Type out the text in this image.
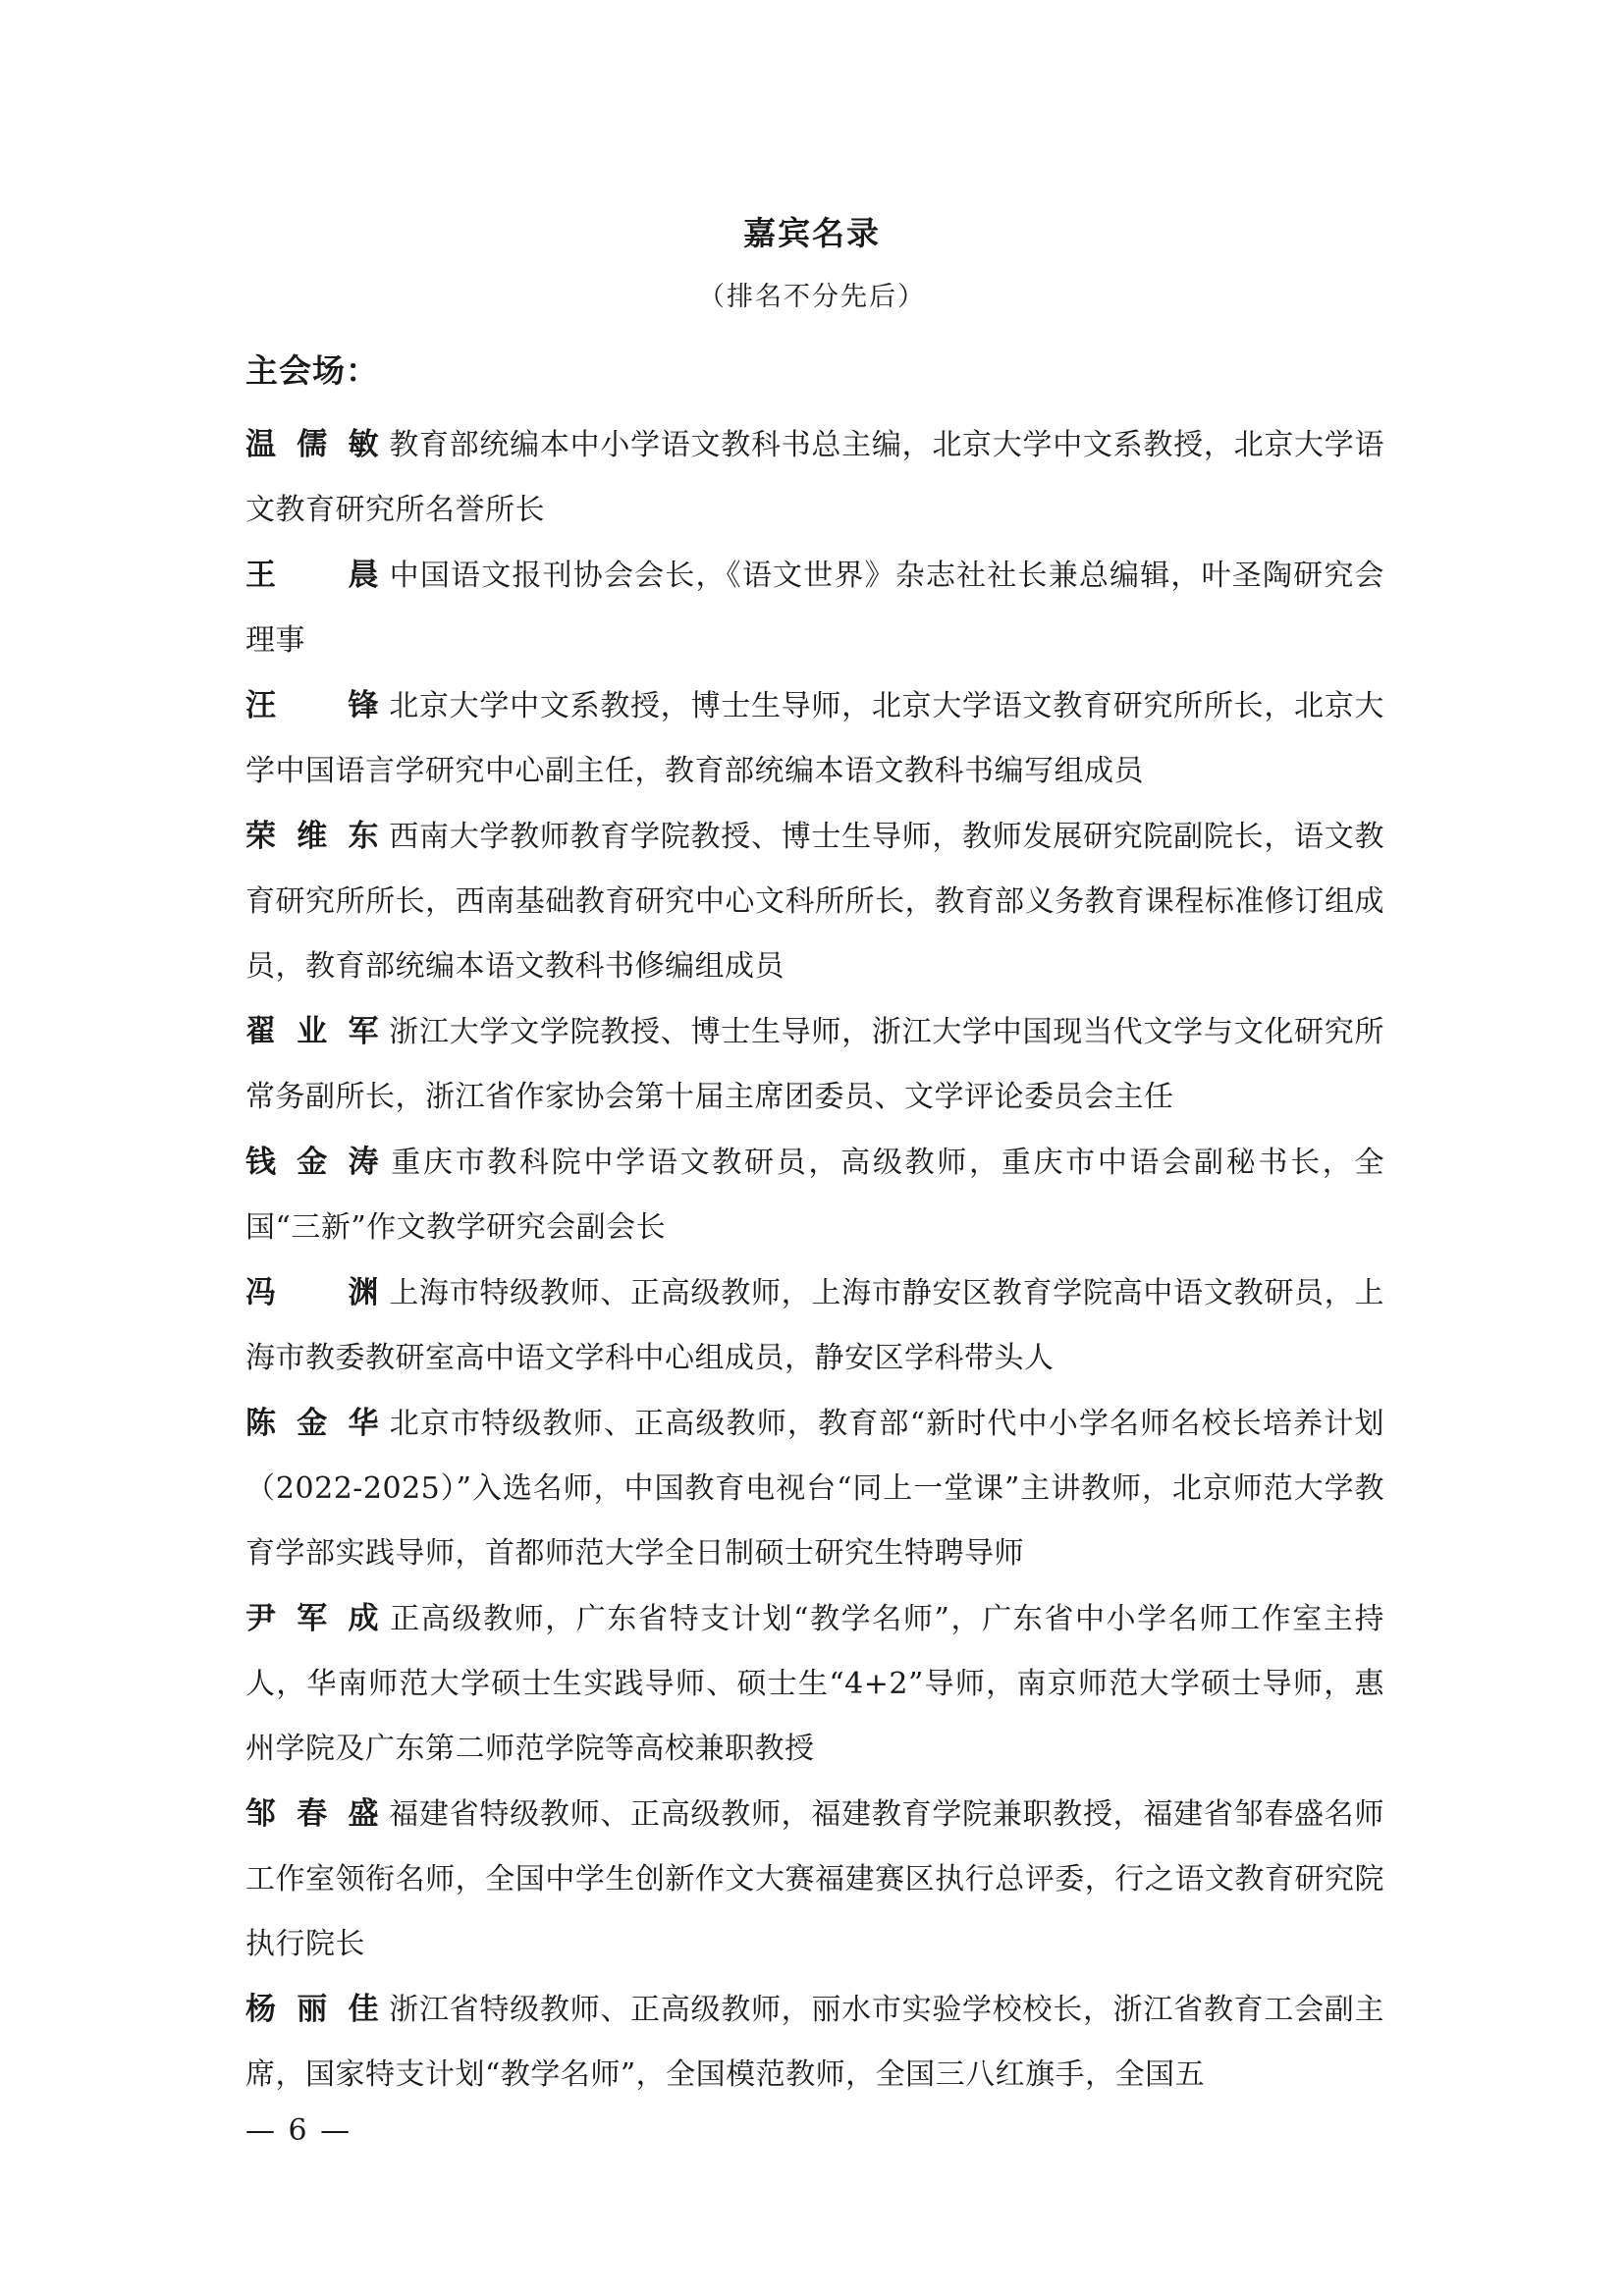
嘉宾名录
（排名不分先后）
主会场：
温儒敏 教育部统编本中小学语文教科书总主编，北京大学中文系教授，北京大学语文教育研究所名誉所长
王晨 中国语文报刊协会会长，《语文世界》杂志社社长兼总编辑，叶圣陶研究会理事
汪锋 北京大学中文系教授，博士生导师，北京大学语文教育研究所所长，北京大学中国语言学研究中心副主任，教育部统编本语文教科书编写组成员
荣维东 西南大学教师教育学院教授、博士生导师，教师发展研究院副院长，语文教育研究所所长，西南基础教育研究中心文科所所长，教育部义务教育课程标准修订组成员，教育部统编本语文教科书修编组成员
翟业军 浙江大学文学院教授、博士生导师，浙江大学中国现当代文学与文化研究所常务副所长，浙江省作家协会第十届主席团委员、文学评论委员会主任
钱金涛 重庆市教科院中学语文教研员，高级教师，重庆市中语会副秘书长，全国“三新”作文教学研究会副会长
冯渊 上海市特级教师、正高级教师，上海市静安区教育学院高中语文教研员，上海市教委教研室高中语文学科中心组成员，静安区学科带头人
陈金华 北京市特级教师、正高级教师，教育部“新时代中小学名师名校长培养计划（2022-2025）”入选名师，中国教育电视台“同上一堂课”主讲教师，北京师范大学教育学部实践导师，首都师范大学全日制硕士研究生特聘导师
尹军成 正高级教师，广东省特支计划“教学名师”，广东省中小学名师工作室主持人，华南师范大学硕士生实践导师、硕士生“4+2”导师，南京师范大学硕士导师，惠州学院及广东第二师范学院等高校兼职教授
邹春盛 福建省特级教师、正高级教师，福建教育学院兼职教授，福建省邹春盛名师工作室领衔名师，全国中学生创新作文大赛福建赛区执行总评委，行之语文教育研究院执行院长
杨丽佳 浙江省特级教师、正高级教师，丽水市实验学校校长，浙江省教育工会副主席，国家特支计划“教学名师”，全国模范教师，全国三八红旗手，全国五
— 6 —
